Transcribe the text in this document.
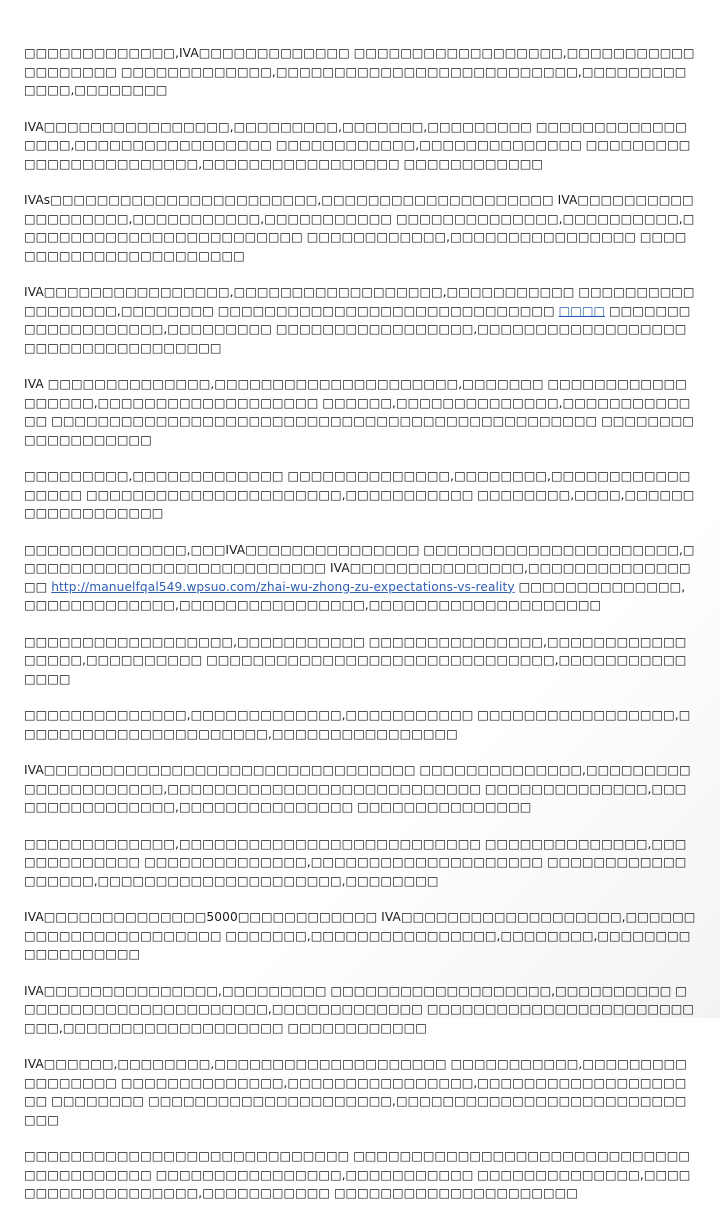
□□□□□□□□□□□□□,IVA□□□□□□□□□□□□□ □□□□□□□□□□□□□□□□□□,□□□□□□□□□□□□□□□□□□□ □□□□□□□□□□□□□,□□□□□□□□□□□□□□□□□□□□□□□□□□,□□□□□□□□□□□□□,□□□□□□□□

IVA□□□□□□□□□□□□□□□□,□□□□□□□□□,□□□□□□□,□□□□□□□□□ □□□□□□□□□□□□□□□□□,□□□□□□□□□□□□□□□□□ □□□□□□□□□□□□,□□□□□□□□□□□□□□ □□□□□□□□□□□□□□□□□□□□□□□□,□□□□□□□□□□□□□□□□□ □□□□□□□□□□□□

IVAs□□□□□□□□□□□□□□□□□□□□□□□,□□□□□□□□□□□□□□□□□□□□ IVA□□□□□□□□□□□□□□□□□□□,□□□□□□□□□□□,□□□□□□□□□□□ □□□□□□□□□□□□□□,□□□□□□□□□□,□□□□□□□□□□□□□□□□□□□□□□□□□ □□□□□□□□□□□□,□□□□□□□□□□□□□□□□ □□□□□□□□□□□□□□□□□□□□□□□

IVA□□□□□□□□□□□□□□□□,□□□□□□□□□□□□□□□□□□,□□□□□□□□□□□ □□□□□□□□□□□□□□□□□□,□□□□□□□□ □□□□□□□□□□□□□□□□□□□□□□□□□□□□□ □□□□ □□□□□□□□□□□□□□□□□□□,□□□□□□□□□ □□□□□□□□□□□□□□□□□,□□□□□□□□□□□□□□□□□□ □□□□□□□□□□□□□□□□□

IVA □□□□□□□□□□□□□□,□□□□□□□□□□□□□□□□□□□□□,□□□□□□□ □□□□□□□□□□□□□□□□□□,□□□□□□□□□□□□□□□□□□□ □□□□□□,□□□□□□□□□□□□□□,□□□□□□□□□□□□□ □□□□□□□□□□□□□□□□□□□□□□□□□□□□□□□□□□□□□□□□□□□□□□□ □□□□□□□□□□□□□□□□□□□

□□□□□□□□□,□□□□□□□□□□□□□ □□□□□□□□□□□□□□,□□□□□□□□,□□□□□□□□□□□□□□□□□ □□□□□□□□□□□□□□□□□□□□□□,□□□□□□□□□□□ □□□□□□□□,□□□□,□□□□□□□□□□□□□□□□□□

□□□□□□□□□□□□□□,□□□IVA□□□□□□□□□□□□□□□ □□□□□□□□□□□□□□□□□□□□□□,□□□□□□□□□□□□□□□□□□□□□□□□□□□ IVA□□□□□□□□□□□□□□□,□□□□□□□□□□□□□□□□ http://manuelfqal549.wpsuo.com/zhai-wu-zhong-zu-expectations-vs-reality □□□□□□□□□□□□□□,□□□□□□□□□□□□□,□□□□□□□□□□□□□□□□,□□□□□□□□□□□□□□□□□□□□

□□□□□□□□□□□□□□□□□□,□□□□□□□□□□□ □□□□□□□□□□□□□□□,□□□□□□□□□□□□□□□□□,□□□□□□□□□□ □□□□□□□□□□□□□□□□□□□□□□□□□□□□□□,□□□□□□□□□□□□□□□

□□□□□□□□□□□□□□,□□□□□□□□□□□□□,□□□□□□□□□□□ □□□□□□□□□□□□□□□□□,□□□□□□□□□□□□□□□□□□□□□□,□□□□□□□□□□□□□□□□

IVA□□□□□□□□□□□□□□□□□□□□□□□□□□□□□□□□ □□□□□□□□□□□□□□,□□□□□□□□□□□□□□□□□□□□□,□□□□□□□□□□□□□□□□□□□□□□□□□□□ □□□□□□□□□□□□□□,□□□□□□□□□□□□□□□□,□□□□□□□□□□□□□□□ □□□□□□□□□□□□□□□

□□□□□□□□□□□□□,□□□□□□□□□□□□□□□□□□□□□□□□□□ □□□□□□□□□□□□□□,□□□□□□□□□□□□□ □□□□□□□□□□□□□□,□□□□□□□□□□□□□□□□□□□□ □□□□□□□□□□□□□□□□□□,□□□□□□□□□□□□□□□□□□□□□,□□□□□□□□

IVA□□□□□□□□□□□□□□5000□□□□□□□□□□□□ IVA□□□□□□□□□□□□□□□□□□□,□□□□□□□□□□□□□□□□□□□□□□□ □□□□□□□,□□□□□□□□□□□□□□□□,□□□□□□□□,□□□□□□□□□□□□□□□□□□

IVA□□□□□□□□□□□□□□□,□□□□□□□□□ □□□□□□□□□□□□□□□□□□□,□□□□□□□□□□ □□□□□□□□□□□□□□□□□□□□□□,□□□□□□□□□□□□□ □□□□□□□□□□□□□□□□□□□□□□□□□□,□□□□□□□□□□□□□□□□□□□ □□□□□□□□□□□□

IVA□□□□□□,□□□□□□□□,□□□□□□□□□□□□□□□□□□□□ □□□□□□□□□□□,□□□□□□□□□□□□□□□□□ □□□□□□□□□□□□□□,□□□□□□□□□□□□□□□□,□□□□□□□□□□□□□□□□□□□□ □□□□□□□□ □□□□□□□□□□□□□□□□□□□□□,□□□□□□□□□□□□□□□□□□□□□□□□□□□□

□□□□□□□□□□□□□□□□□□□□□□□□□□□□ □□□□□□□□□□□□□□□□□□□□□□□□□□□□□□□□□□□□□□□□ □□□□□□□□□□□□□□□□,□□□□□□□□□□□ □□□□□□□□□□□□□□,□□□□□□□□□□□□□□□□□□□,□□□□□□□□□□□ □□□□□□□□□□□□□□□□□□□□□
